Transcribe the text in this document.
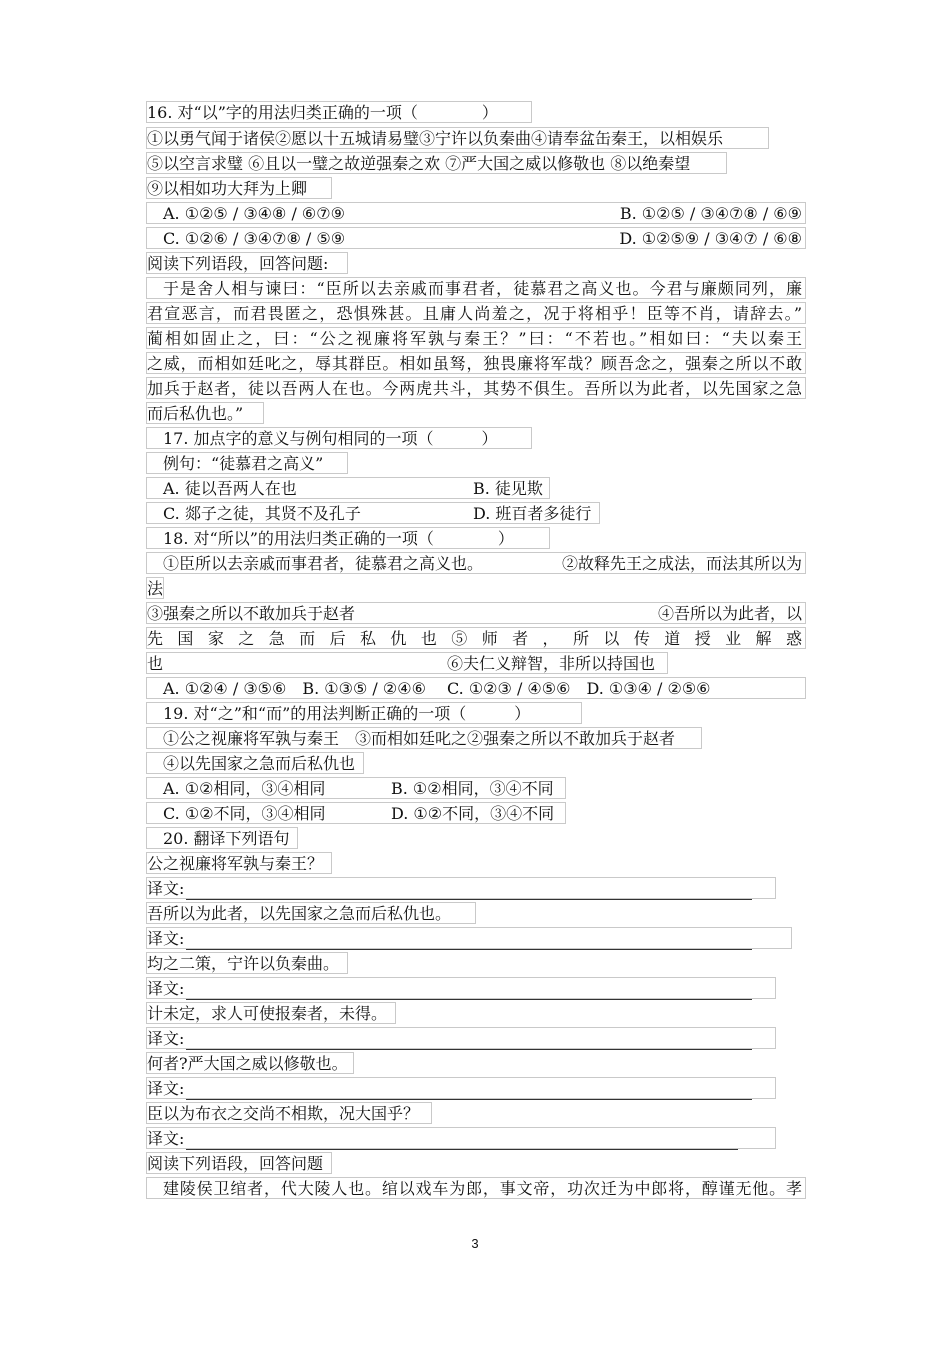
16. 对“以”字的用法归类正确的一项（　　　　）
①以勇气闻于诸侯②愿以十五城请易璧③宁许以负秦曲④请奉盆缶秦王，以相娱乐
⑤以空言求璧 ⑥且以一璧之故逆强秦之欢 ⑦严大国之威以修敬也 ⑧以绝秦望
⑨以相如功大拜为上卿
A. ①②⑤ / ③④⑧ / ⑥⑦⑨	B. ①②⑤ / ③④⑦⑧ / ⑥⑨
C. ①②⑥ / ③④⑦⑧ / ⑤⑨	D. ①②⑤⑨ / ③④⑦ / ⑥⑧
阅读下列语段，回答问题:
于是舍人相与谏曰：“臣所以去亲戚而事君者，徒慕君之高义也。今君与廉颇同列，廉
君宣恶言，而君畏匿之，恐惧殊甚。且庸人尚羞之，况于将相乎！臣等不肖，请辞去。”
蔺相如固止之，曰：“公之视廉将军孰与秦王？”曰：“不若也。”相如曰：“夫以秦王
之威，而相如廷叱之，辱其群臣。相如虽驽，独畏廉将军哉？顾吾念之，强秦之所以不敢
加兵于赵者，徒以吾两人在也。今两虎共斗，其势不俱生。吾所以为此者，以先国家之急
而后私仇也。”
17. 加点字的意义与例句相同的一项（　　　）
例句：“徒慕君之高义”
A. 徒以吾两人在也	B. 徒见欺
C. 郯子之徒，其贤不及孔子	D. 班百者多徒行
18. 对“所以”的用法归类正确的一项（　　　　）
①臣所以去亲戚而事君者，徒慕君之高义也。	②故释先王之成法，而法其所以为
法
③强秦之所以不敢加兵于赵者	④吾所以为此者，以
先国家之急而后私仇也⑤师者，所以传道授业解惑
也	⑥夫仁义辩智，非所以持国也
A. ①②④ / ③⑤⑥　B. ①③⑤ / ②④⑥　 C. ①②③ / ④⑤⑥　D. ①③④ / ②⑤⑥
19. 对“之”和“而”的用法判断正确的一项（　　　）
①公之视廉将军孰与秦王　③而相如廷叱之②强秦之所以不敢加兵于赵者
④以先国家之急而后私仇也
A. ①②相同，③④相同	B. ①②相同，③④不同
C. ①②不同，③④相同	D. ①②不同，③④不同
20. 翻译下列语句
公之视廉将军孰与秦王？
译文:
吾所以为此者，以先国家之急而后私仇也。
译文:
均之二策，宁许以负秦曲。
译文:
计未定，求人可使报秦者，未得。
译文:
何者?严大国之威以修敬也。
译文:
臣以为布衣之交尚不相欺，况大国乎？
译文:
阅读下列语段，回答问题
建陵侯卫绾者，代大陵人也。绾以戏车为郎，事文帝，功次迁为中郎将，醇谨无他。孝
3
